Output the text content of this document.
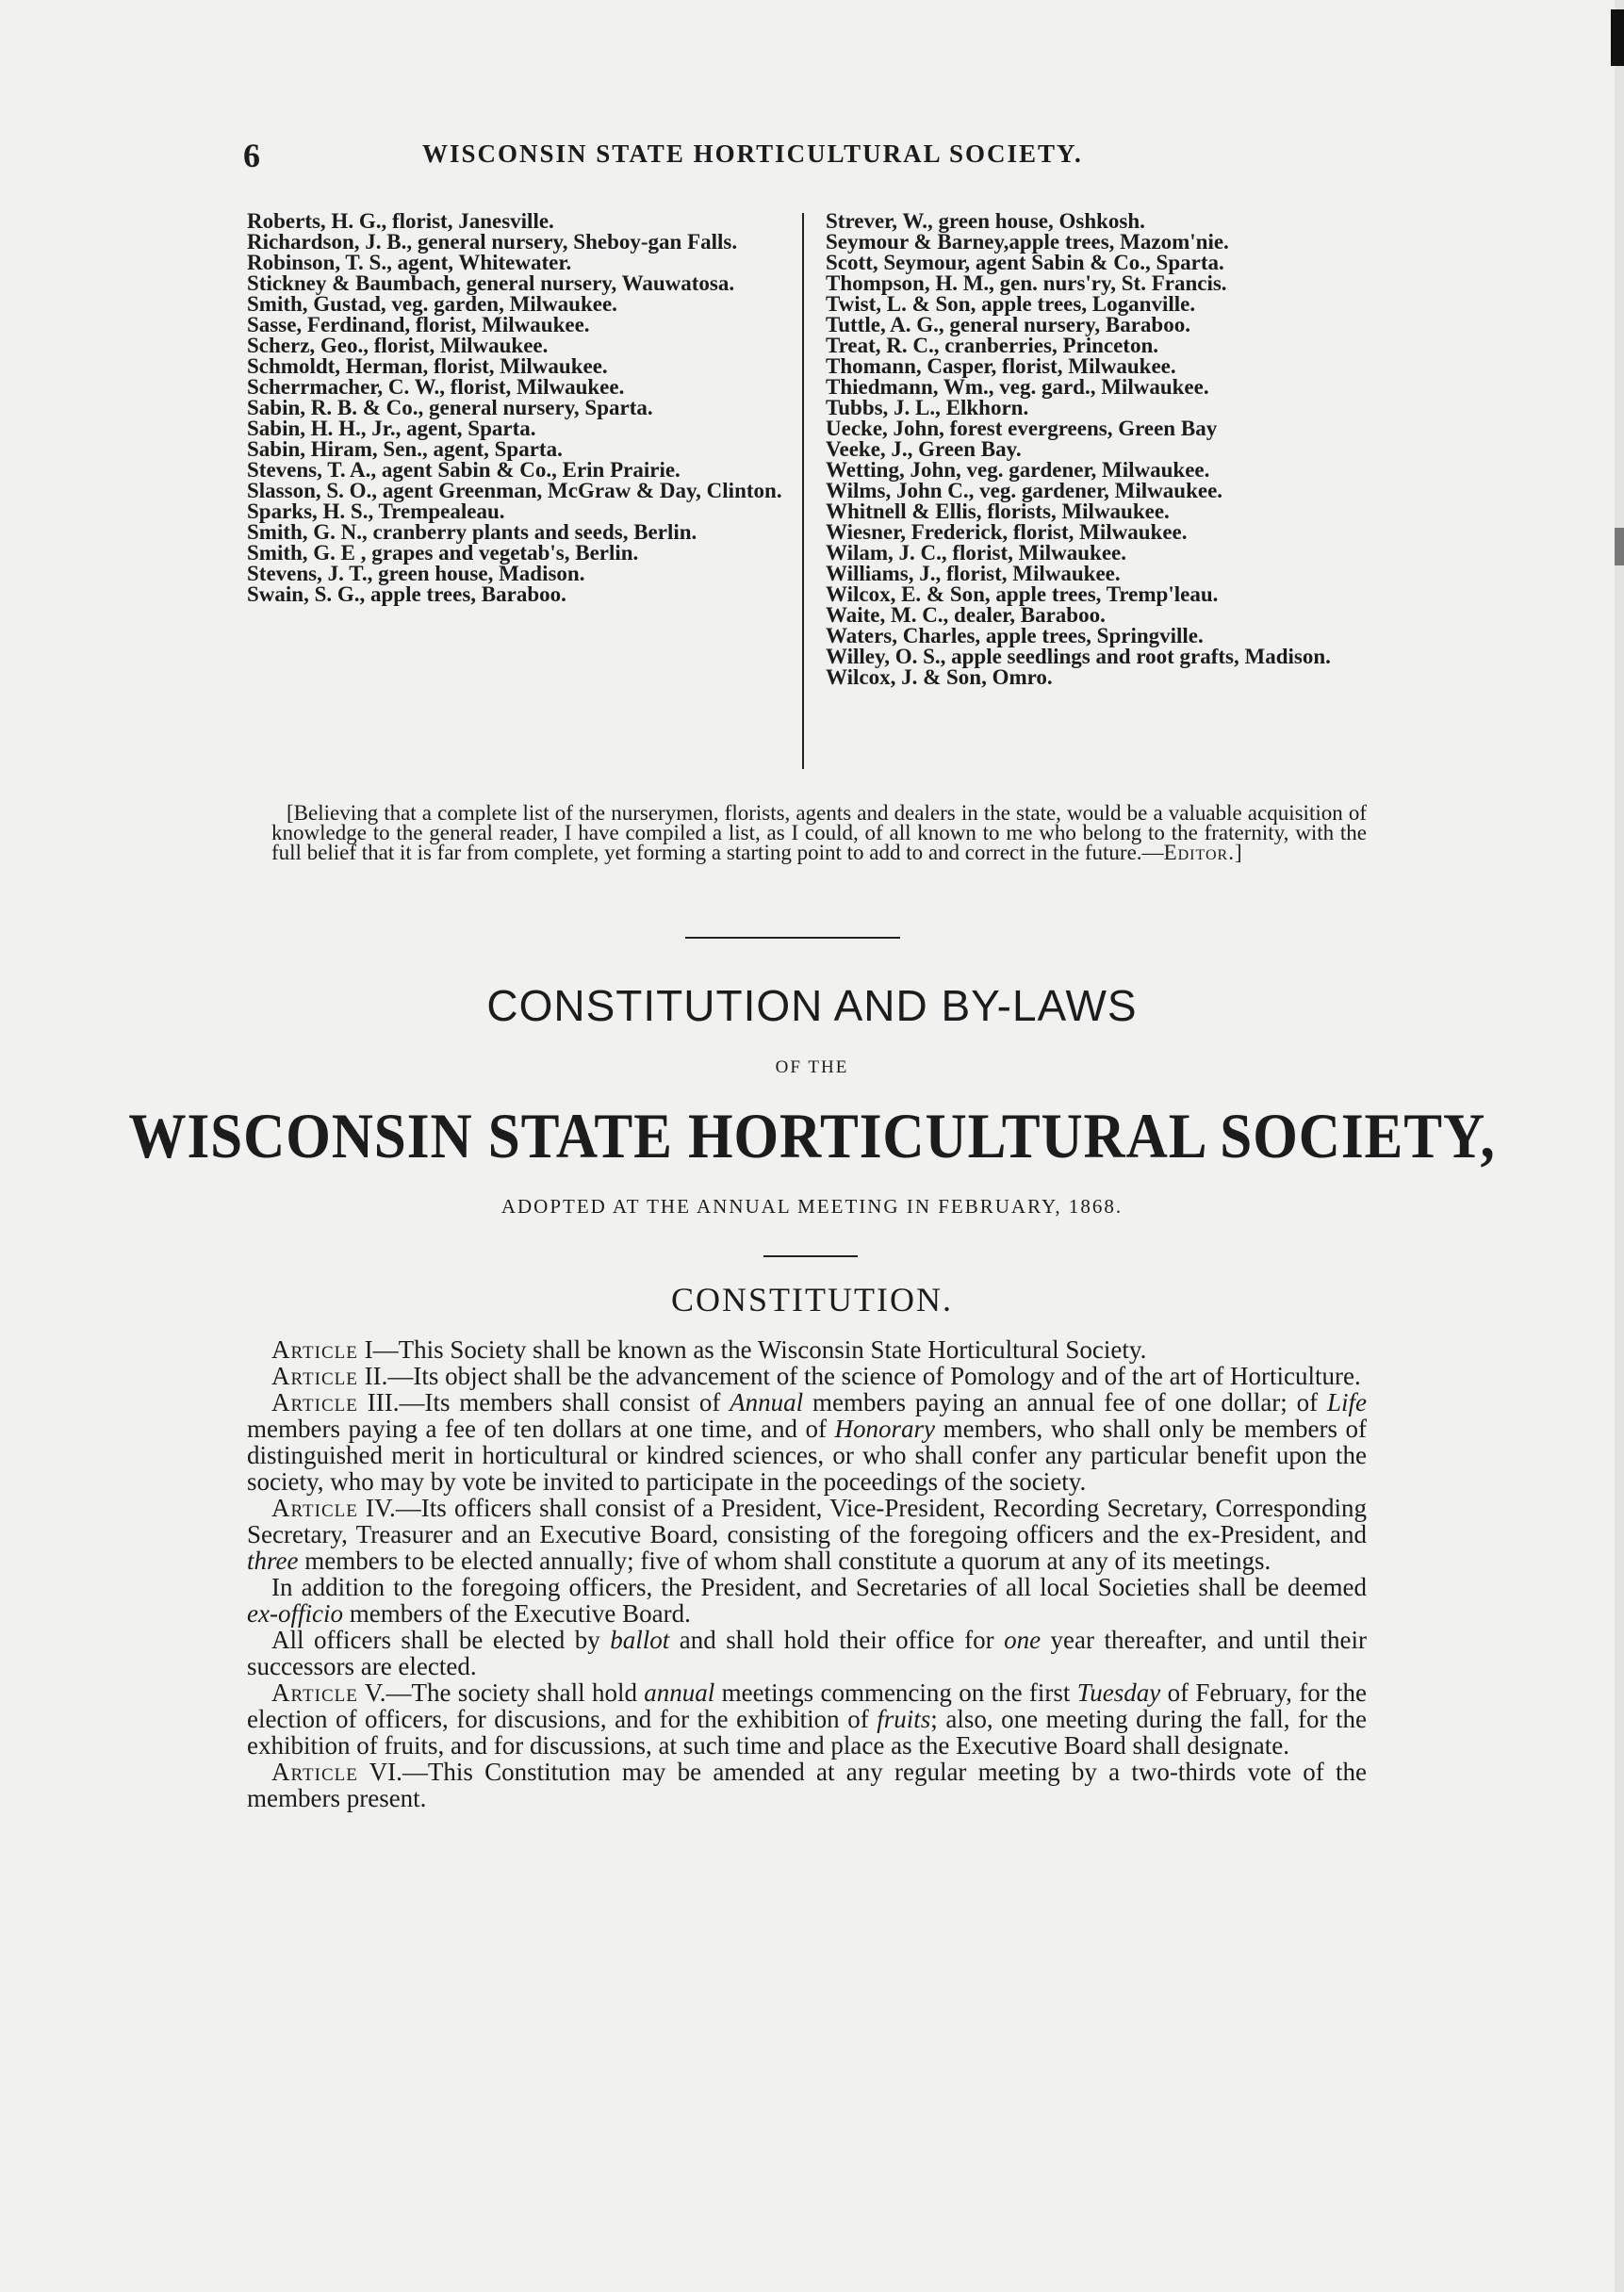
6	WISCONSIN STATE HORTICULTURAL SOCIETY.

Roberts, H. G., florist, Janesville.

Richardson, J. B., general nursery, Sheboy-gan Falls.

Robinson, T. S., agent, Whitewater.

Stickney & Baumbach, general nursery, Wauwatosa.

Smith, Gustad, veg. garden, Milwaukee.

Sasse, Ferdinand, florist, Milwaukee.

Scherz, Geo., florist, Milwaukee.

Schmoldt, Herman, florist, Milwaukee.

Scherrmacher, C. W., florist, Milwaukee.

Sabin, R. B. & Co., general nursery, Sparta.

Sabin, H. H., Jr., agent, Sparta.

Sabin, Hiram, Sen., agent, Sparta.

Stevens, T. A., agent Sabin & Co., Erin Prairie.

Slasson, S. O., agent Greenman, McGraw & Day, Clinton.

Sparks, H. S., Trempealeau.

Smith, G. N., cranberry plants and seeds, Berlin.

Smith, G. E , grapes and vegetab's, Berlin.

Stevens, J. T., green house, Madison.

Swain, S. G., apple trees, Baraboo.

Strever, W., green house, Oshkosh.

Seymour & Barney,apple trees, Mazom'nie.

Scott, Seymour, agent Sabin & Co., Sparta.

Thompson, H. M., gen. nurs'ry, St. Francis.

Twist, L. & Son, apple trees, Loganville.

Tuttle, A. G., general nursery, Baraboo.

Treat, R. C., cranberries, Princeton.

Thomann, Casper, florist, Milwaukee.

Thiedmann, Wm., veg. gard., Milwaukee.

Tubbs, J. L., Elkhorn.

Uecke, John, forest evergreens, Green Bay

Veeke, J., Green Bay.

Wetting, John, veg. gardener, Milwaukee.

Wilms, John C., veg. gardener, Milwaukee.

Whitnell & Ellis, florists, Milwaukee.

Wiesner, Frederick, florist, Milwaukee.

Wilam, J. C., florist, Milwaukee.

Williams, J., florist, Milwaukee.

Wilcox, E. & Son, apple trees, Tremp'leau.

Waite, M. C., dealer, Baraboo.

Waters, Charles, apple trees, Springville.

Willey, O. S., apple seedlings and root grafts, Madison.

Wilcox, J. & Son, Omro.

[Believing that a complete list of the nurserymen, florists, agents and dealers in the state, would be a valuable acquisition of knowledge to the general reader, I have compiled a list, as I could, of all known to me who belong to the fraternity, with the full belief that it is far from complete, yet forming a starting point to add to and correct in the future.—Editor.]
CONSTITUTION AND BY-LAWS
OF THE
WISCONSIN STATE HORTICULTURAL SOCIETY,
ADOPTED AT THE ANNUAL MEETING IN FEBRUARY, 1868.
CONSTITUTION.

Article I—This Society shall be known as the Wisconsin State Horticultural Society.

Article II.—Its object shall be the advancement of the science of Pomology and of the art of Horticulture.

Article III.—Its members shall consist of Annual members paying an annual fee of one dollar; of Life members paying a fee of ten dollars at one time, and of Honorary members, who shall only be members of distinguished merit in horticultural or kindred sciences, or who shall confer any particular benefit upon the society, who may by vote be invited to participate in the poceedings of the society.

Article IV.—Its officers shall consist of a President, Vice-President, Recording Secretary, Corresponding Secretary, Treasurer and an Executive Board, consisting of the foregoing officers and the ex-President, and three members to be elected annually; five of whom shall constitute a quorum at any of its meetings.

In addition to the foregoing officers, the President, and Secretaries of all local Societies shall be deemed ex-officio members of the Executive Board.

All officers shall be elected by ballot and shall hold their office for one year thereafter, and until their successors are elected.

Article V.—The society shall hold annual meetings commencing on the first Tuesday of February, for the election of officers, for discusions, and for the exhibition of fruits; also, one meeting during the fall, for the exhibition of fruits, and for discussions, at such time and place as the Executive Board shall designate.

Article VI.—This Constitution may be amended at any regular meeting by a two-thirds vote of the members present.
